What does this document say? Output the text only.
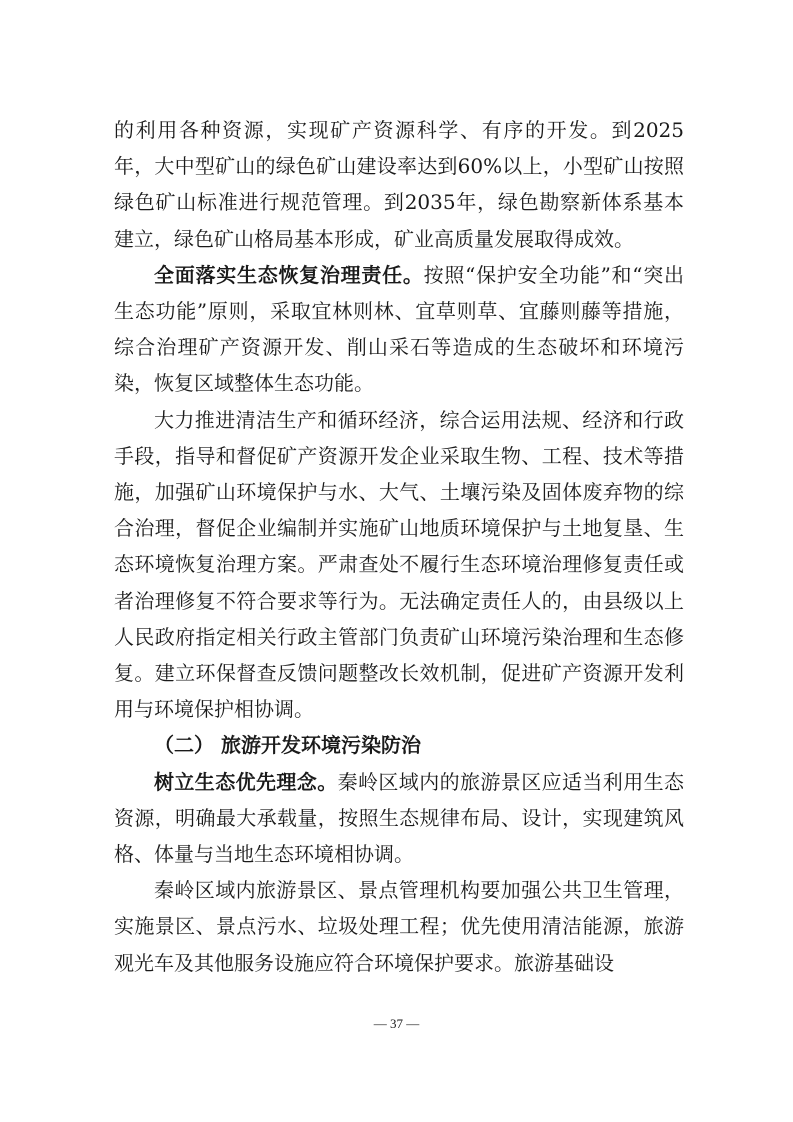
的利用各种资源，实现矿产资源科学、有序的开发。到2025年，大中型矿山的绿色矿山建设率达到60%以上，小型矿山按照绿色矿山标准进行规范管理。到2035年，绿色勘察新体系基本建立，绿色矿山格局基本形成，矿业高质量发展取得成效。

全面落实生态恢复治理责任。按照“保护安全功能”和“突出生态功能”原则，采取宜林则林、宜草则草、宜藤则藤等措施，综合治理矿产资源开发、削山采石等造成的生态破坏和环境污染，恢复区域整体生态功能。

大力推进清洁生产和循环经济，综合运用法规、经济和行政手段，指导和督促矿产资源开发企业采取生物、工程、技术等措施，加强矿山环境保护与水、大气、土壤污染及固体废弃物的综合治理，督促企业编制并实施矿山地质环境保护与土地复垦、生态环境恢复治理方案。严肃查处不履行生态环境治理修复责任或者治理修复不符合要求等行为。无法确定责任人的，由县级以上人民政府指定相关行政主管部门负责矿山环境污染治理和生态修复。建立环保督查反馈问题整改长效机制，促进矿产资源开发利用与环境保护相协调。

（二） 旅游开发环境污染防治

树立生态优先理念。秦岭区域内的旅游景区应适当利用生态资源，明确最大承载量，按照生态规律布局、设计，实现建筑风格、体量与当地生态环境相协调。

秦岭区域内旅游景区、景点管理机构要加强公共卫生管理，实施景区、景点污水、垃圾处理工程；优先使用清洁能源，旅游观光车及其他服务设施应符合环境保护要求。旅游基础设

— 37 —
